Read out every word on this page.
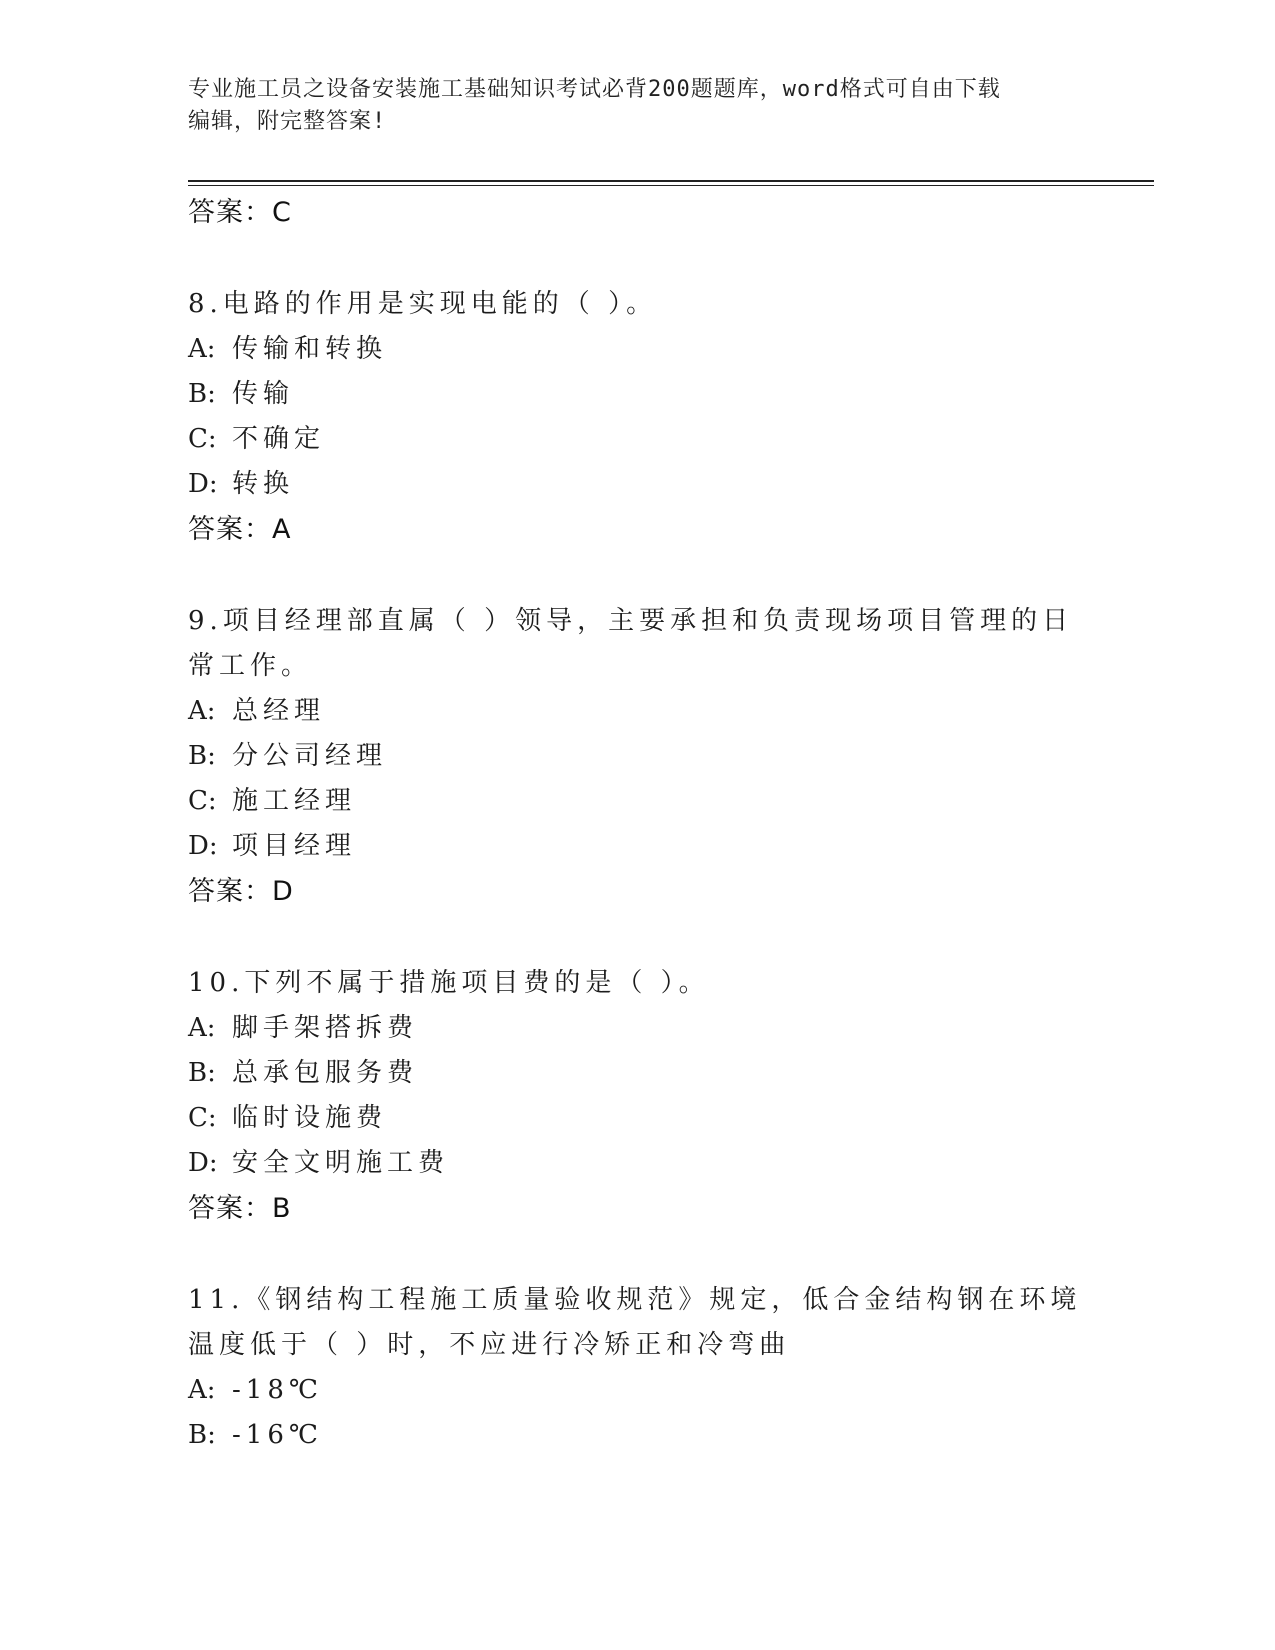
专业施工员之设备安装施工基础知识考试必背200题题库，word格式可自由下载
编辑，附完整答案!
答案：C
8.电路的作用是实现电能的（ ）。
A: 传输和转换
B: 传输
C: 不确定
D: 转换
答案：A
9.项目经理部直属（ ）领导，主要承担和负责现场项目管理的日常工作。
A: 总经理
B: 分公司经理
C: 施工经理
D: 项目经理
答案：D
10.下列不属于措施项目费的是（ ）。
A: 脚手架搭拆费
B: 总承包服务费
C: 临时设施费
D: 安全文明施工费
答案：B
11.《钢结构工程施工质量验收规范》规定，低合金结构钢在环境温度低于（ ）时，不应进行冷矫正和冷弯曲
A: -18℃
B: -16℃
